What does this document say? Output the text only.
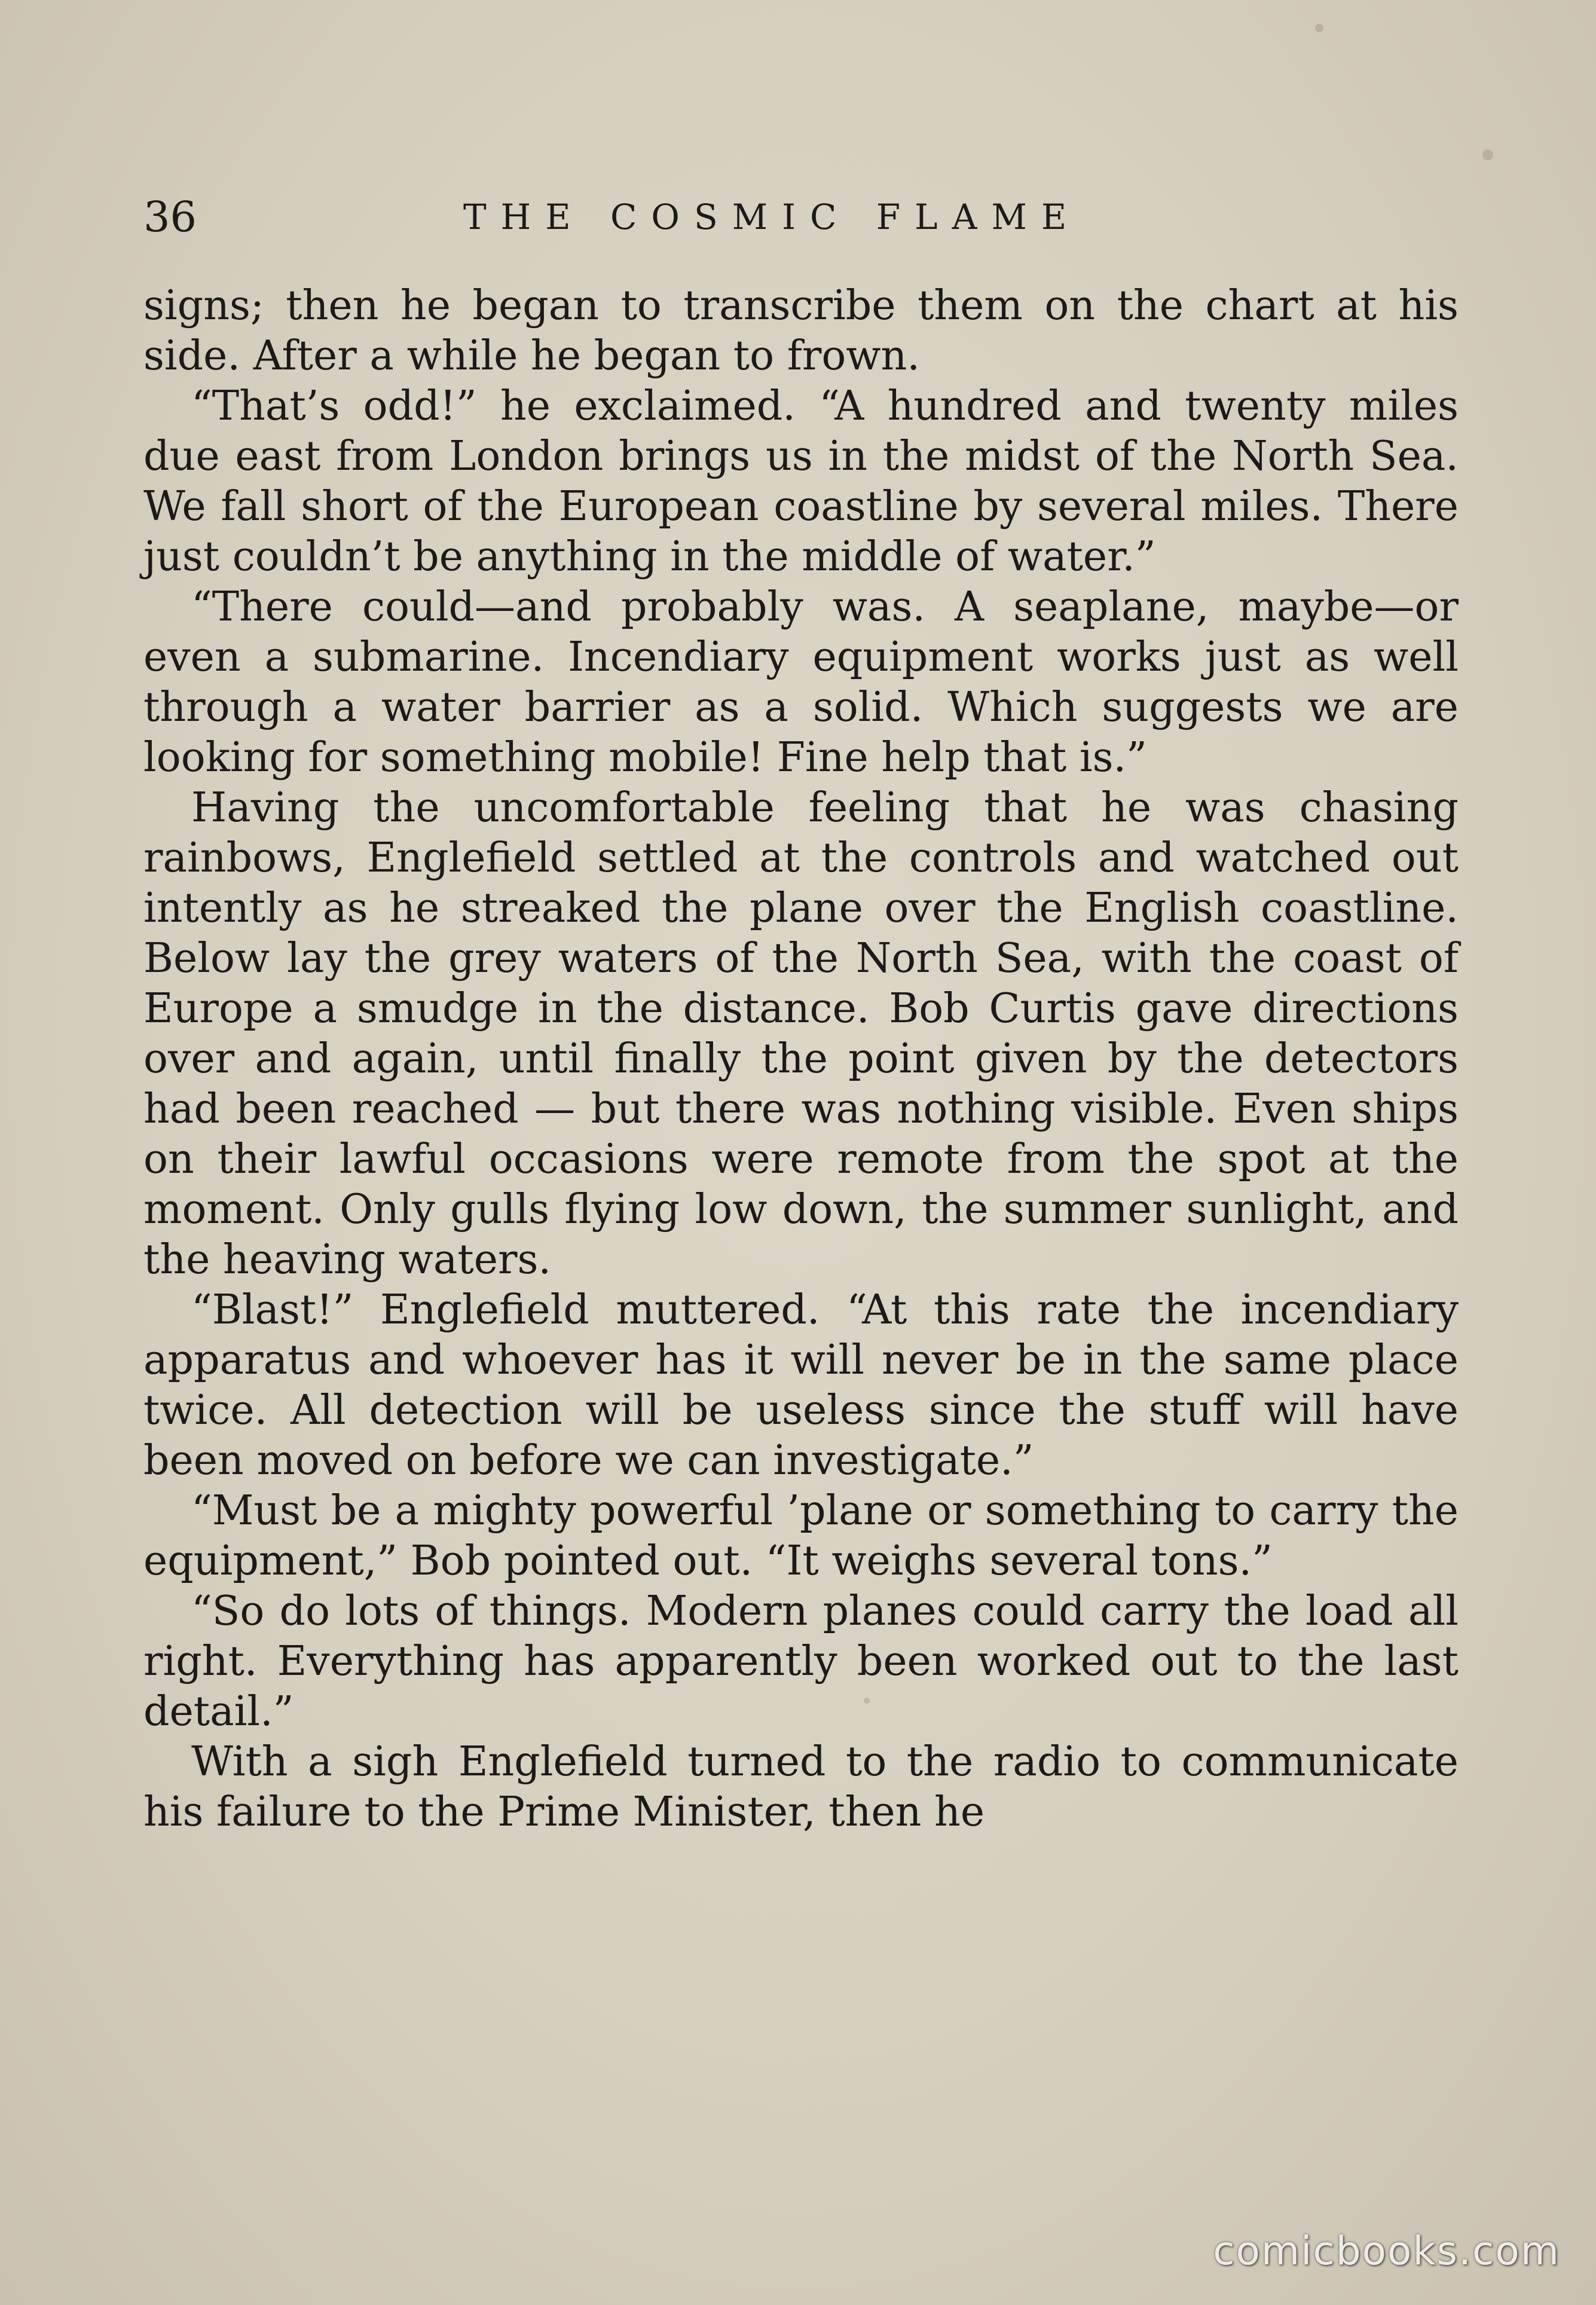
36	THE COSMIC FLAME

signs; then he began to transcribe them on the chart at his side. After a while he began to frown.

“That’s odd!” he exclaimed. “A hundred and twenty miles due east from London brings us in the midst of the North Sea. We fall short of the European coastline by several miles. There just couldn’t be anything in the middle of water.”

“There could—and probably was. A seaplane, maybe—or even a submarine. Incendiary equipment works just as well through a water barrier as a solid. Which suggests we are looking for something mobile! Fine help that is.”

Having the uncomfortable feeling that he was chasing rainbows, Englefield settled at the controls and watched out intently as he streaked the plane over the English coastline. Below lay the grey waters of the North Sea, with the coast of Europe a smudge in the distance. Bob Curtis gave directions over and again, until finally the point given by the detectors had been reached — but there was nothing visible. Even ships on their lawful occasions were remote from the spot at the moment. Only gulls flying low down, the summer sunlight, and the heaving waters.

“Blast!” Englefield muttered. “At this rate the incendiary apparatus and whoever has it will never be in the same place twice. All detection will be useless since the stuff will have been moved on before we can investigate.”

“Must be a mighty powerful ’plane or something to carry the equipment,” Bob pointed out. “It weighs several tons.”

“So do lots of things. Modern planes could carry the load all right. Everything has apparently been worked out to the last detail.”

With a sigh Englefield turned to the radio to communicate his failure to the Prime Minister, then he

comicbooks.com
